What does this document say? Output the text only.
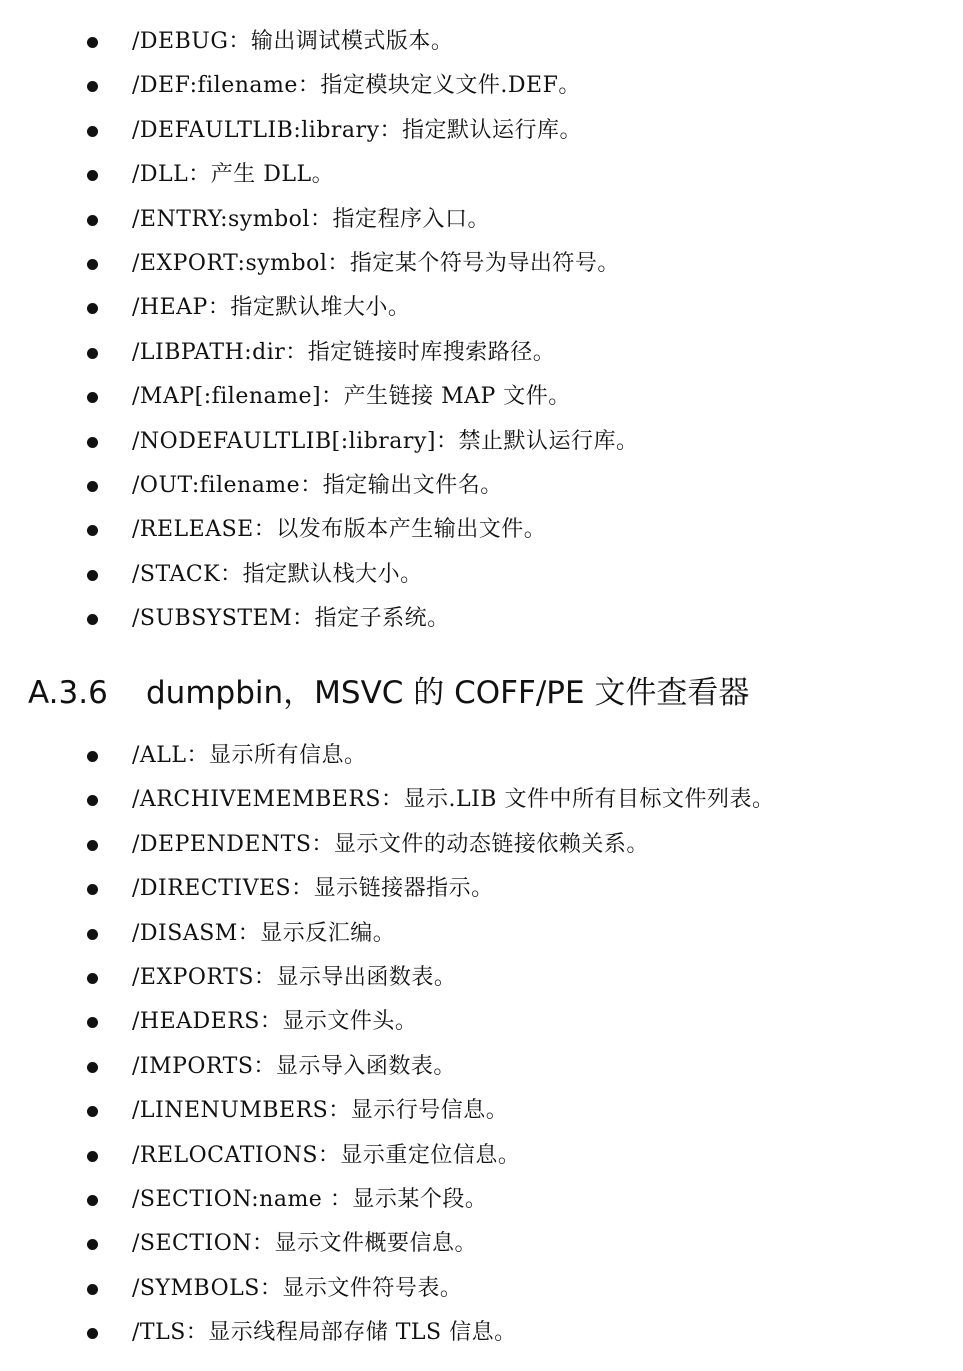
/DEBUG：输出调试模式版本。
/DEF:filename：指定模块定义文件.DEF。
/DEFAULTLIB:library：指定默认运行库。
/DLL：产生 DLL。
/ENTRY:symbol：指定程序入口。
/EXPORT:symbol：指定某个符号为导出符号。
/HEAP：指定默认堆大小。
/LIBPATH:dir：指定链接时库搜索路径。
/MAP[:filename]：产生链接 MAP 文件。
/NODEFAULTLIB[:library]：禁止默认运行库。
/OUT:filename：指定输出文件名。
/RELEASE：以发布版本产生输出文件。
/STACK：指定默认栈大小。
/SUBSYSTEM：指定子系统。
A.3.6 dumpbin，MSVC 的 COFF/PE 文件查看器
/ALL：显示所有信息。
/ARCHIVEMEMBERS：显示.LIB 文件中所有目标文件列表。
/DEPENDENTS：显示文件的动态链接依赖关系。
/DIRECTIVES：显示链接器指示。
/DISASM：显示反汇编。
/EXPORTS：显示导出函数表。
/HEADERS：显示文件头。
/IMPORTS：显示导入函数表。
/LINENUMBERS：显示行号信息。
/RELOCATIONS：显示重定位信息。
/SECTION:name ：显示某个段。
/SECTION：显示文件概要信息。
/SYMBOLS：显示文件符号表。
/TLS：显示线程局部存储 TLS 信息。
